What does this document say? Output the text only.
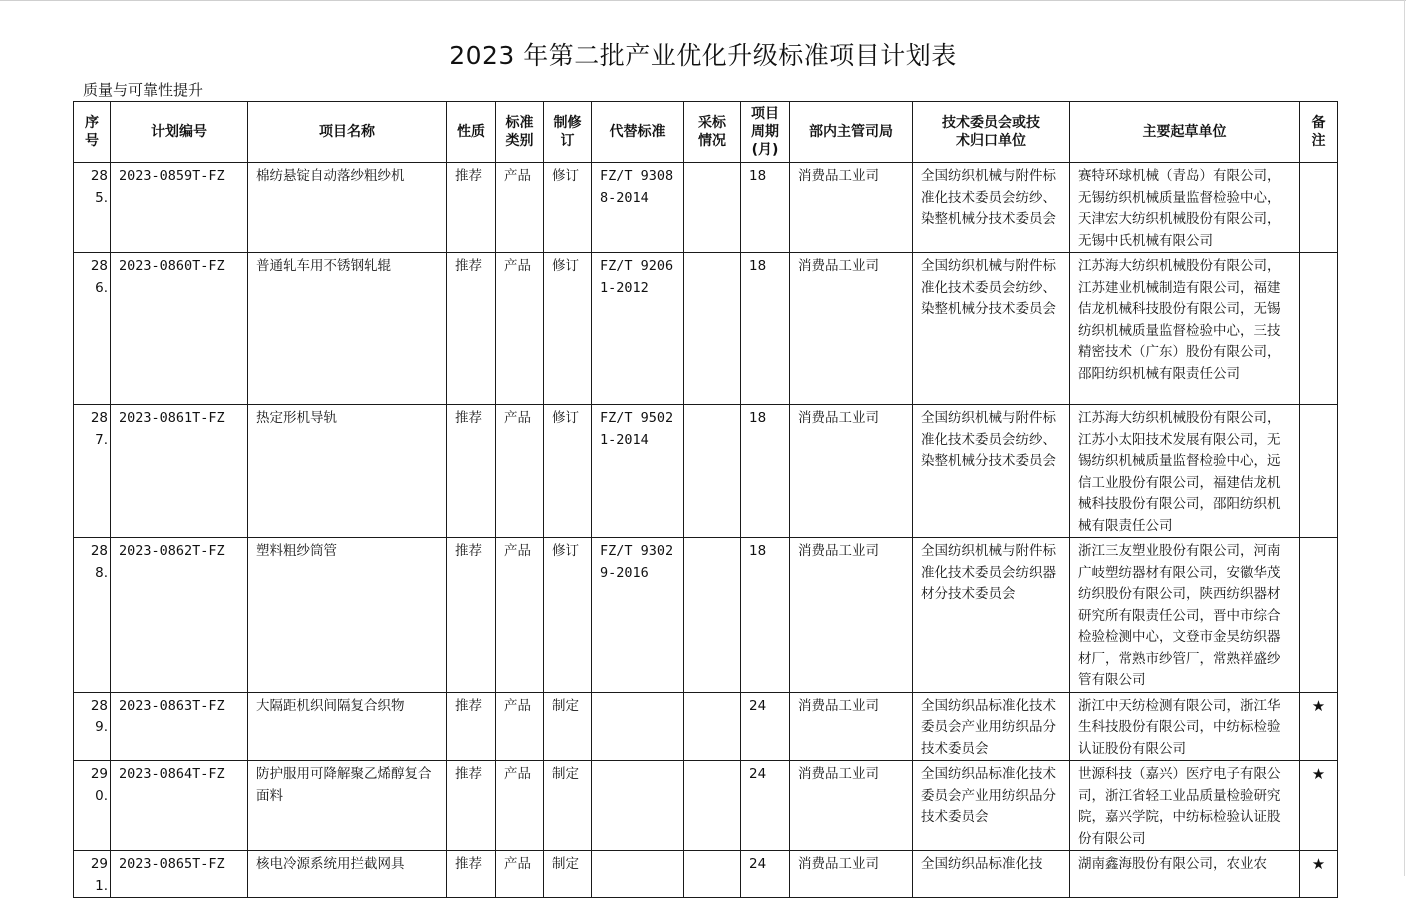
2023 年第二批产业优化升级标准项目计划表
质量与可靠性提升
序号	计划编号	项目名称	性质	标准类别	制修订	代替标准	采标情况	项目周期(月)	部内主管司局	技术委员会或技术归口单位	主要起草单位	备注

285.	2023-0859T-FZ	棉纺悬锭自动落纱粗纱机	推荐	产品	修订	FZ/T 93088-2014		18	消费品工业司	全国纺织机械与附件标准化技术委员会纺纱、染整机械分技术委员会	赛特环球机械（青岛）有限公司，无锡纺织机械质量监督检验中心，天津宏大纺织机械股份有限公司，无锡中氏机械有限公司	
286.	2023-0860T-FZ	普通轧车用不锈钢轧辊	推荐	产品	修订	FZ/T 92061-2012		18	消费品工业司	全国纺织机械与附件标准化技术委员会纺纱、染整机械分技术委员会	江苏海大纺织机械股份有限公司，江苏建业机械制造有限公司，福建佶龙机械科技股份有限公司，无锡纺织机械质量监督检验中心，三技精密技术（广东）股份有限公司，邵阳纺织机械有限责任公司	
287.	2023-0861T-FZ	热定形机导轨	推荐	产品	修订	FZ/T 95021-2014		18	消费品工业司	全国纺织机械与附件标准化技术委员会纺纱、染整机械分技术委员会	江苏海大纺织机械股份有限公司，江苏小太阳技术发展有限公司，无锡纺织机械质量监督检验中心，远信工业股份有限公司，福建佶龙机械科技股份有限公司，邵阳纺织机械有限责任公司	
288.	2023-0862T-FZ	塑料粗纱筒管	推荐	产品	修订	FZ/T 93029-2016		18	消费品工业司	全国纺织机械与附件标准化技术委员会纺织器材分技术委员会	浙江三友塑业股份有限公司，河南广岐塑纺器材有限公司，安徽华茂纺织股份有限公司，陕西纺织器材研究所有限责任公司，晋中市综合检验检测中心，文登市金昊纺织器材厂，常熟市纱管厂，常熟祥盛纱管有限公司	
289.	2023-0863T-FZ	大隔距机织间隔复合织物	推荐	产品	制定			24	消费品工业司	全国纺织品标准化技术委员会产业用纺织品分技术委员会	浙江中天纺检测有限公司，浙江华生科技股份有限公司，中纺标检验认证股份有限公司	★
290.	2023-0864T-FZ	防护服用可降解聚乙烯醇复合面料	推荐	产品	制定			24	消费品工业司	全国纺织品标准化技术委员会产业用纺织品分技术委员会	世源科技（嘉兴）医疗电子有限公司，浙江省轻工业品质量检验研究院，嘉兴学院，中纺标检验认证股份有限公司	★
291.	2023-0865T-FZ	核电冷源系统用拦截网具	推荐	产品	制定			24	消费品工业司	全国纺织品标准化技	湖南鑫海股份有限公司，农业农	★
